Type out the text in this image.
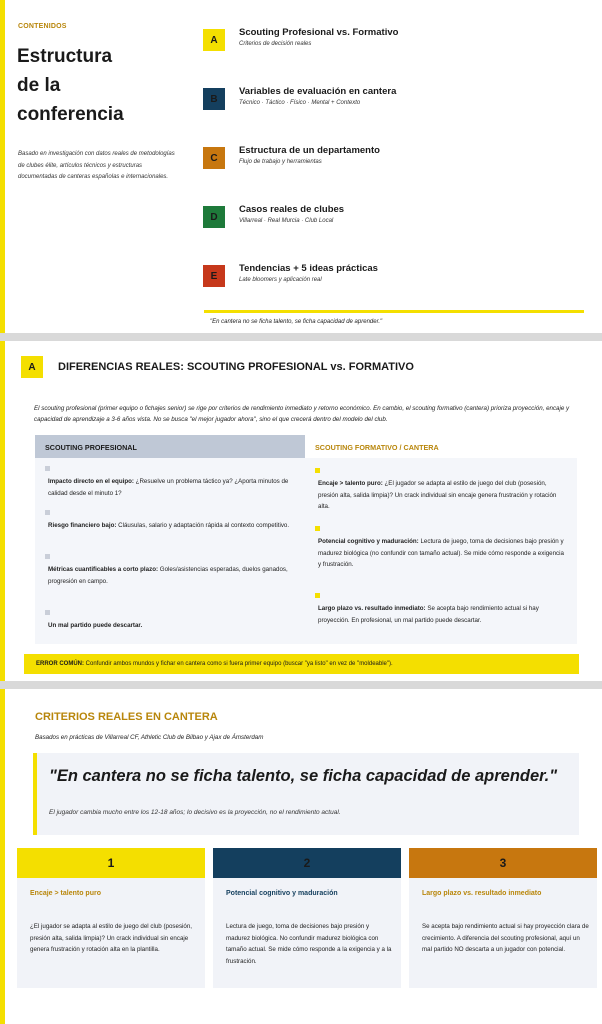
CONTENIDOS
Estructura
de la
conferencia
Basado en investigación con datos reales de metodologías de clubes élite, artículos técnicos y estructuras documentadas de canteras españolas e internacionales.
A
Scouting Profesional vs. Formativo
Criterios de decisión reales
B
Variables de evaluación en cantera
Técnico · Táctico · Físico · Mental + Contexto
C
Estructura de un departamento
Flujo de trabajo y herramientas
D
Casos reales de clubes
Villarreal · Real Murcia · Club Local
E
Tendencias + 5 ideas prácticas
Late bloomers y aplicación real
"En cantera no se ficha talento, se ficha capacidad de aprender."
A	DIFERENCIAS REALES: SCOUTING PROFESIONAL vs. FORMATIVO
El scouting profesional (primer equipo o fichajes senior) se rige por criterios de rendimiento inmediato y retorno económico. En cambio, el scouting formativo (cantera) prioriza proyección, encaje y capacidad de aprendizaje a 3-6 años vista. No se busca "el mejor jugador ahora", sino el que crecerá dentro del modelo del club.
SCOUTING PROFESIONAL
Impacto directo en el equipo: ¿Resuelve un problema táctico ya? ¿Aporta minutos de calidad desde el minuto 1?
Riesgo financiero bajo: Cláusulas, salario y adaptación rápida al contexto competitivo.
Métricas cuantificables a corto plazo: Goles/asistencias esperadas, duelos ganados, progresión en campo.
Un mal partido puede descartar.
SCOUTING FORMATIVO / CANTERA
Encaje > talento puro: ¿El jugador se adapta al estilo de juego del club (posesión, presión alta, salida limpia)? Un crack individual sin encaje genera frustración y rotación alta.
Potencial cognitivo y maduración: Lectura de juego, toma de decisiones bajo presión y madurez biológica (no confundir con tamaño actual). Se mide cómo responde a exigencia y frustración.
Largo plazo vs. resultado inmediato: Se acepta bajo rendimiento actual si hay proyección. En profesional, un mal partido puede descartar.
ERROR COMÚN: Confundir ambos mundos y fichar en cantera como si fuera primer equipo (buscar "ya listo" en vez de "moldeable").
CRITERIOS REALES EN CANTERA
Basados en prácticas de Villarreal CF, Athletic Club de Bilbao y Ajax de Ámsterdam
"En cantera no se ficha talento, se ficha capacidad de aprender."
El jugador cambia mucho entre los 12-18 años; lo decisivo es la proyección, no el rendimiento actual.
1
Encaje > talento puro
¿El jugador se adapta al estilo de juego del club (posesión, presión alta, salida limpia)? Un crack individual sin encaje genera frustración y rotación alta en la plantilla.
2
Potencial cognitivo y maduración
Lectura de juego, toma de decisiones bajo presión y madurez biológica. No confundir madurez biológica con tamaño actual. Se mide cómo responde a la exigencia y a la frustración.
3
Largo plazo vs. resultado inmediato
Se acepta bajo rendimiento actual si hay proyección clara de crecimiento. A diferencia del scouting profesional, aquí un mal partido NO descarta a un jugador con potencial.
